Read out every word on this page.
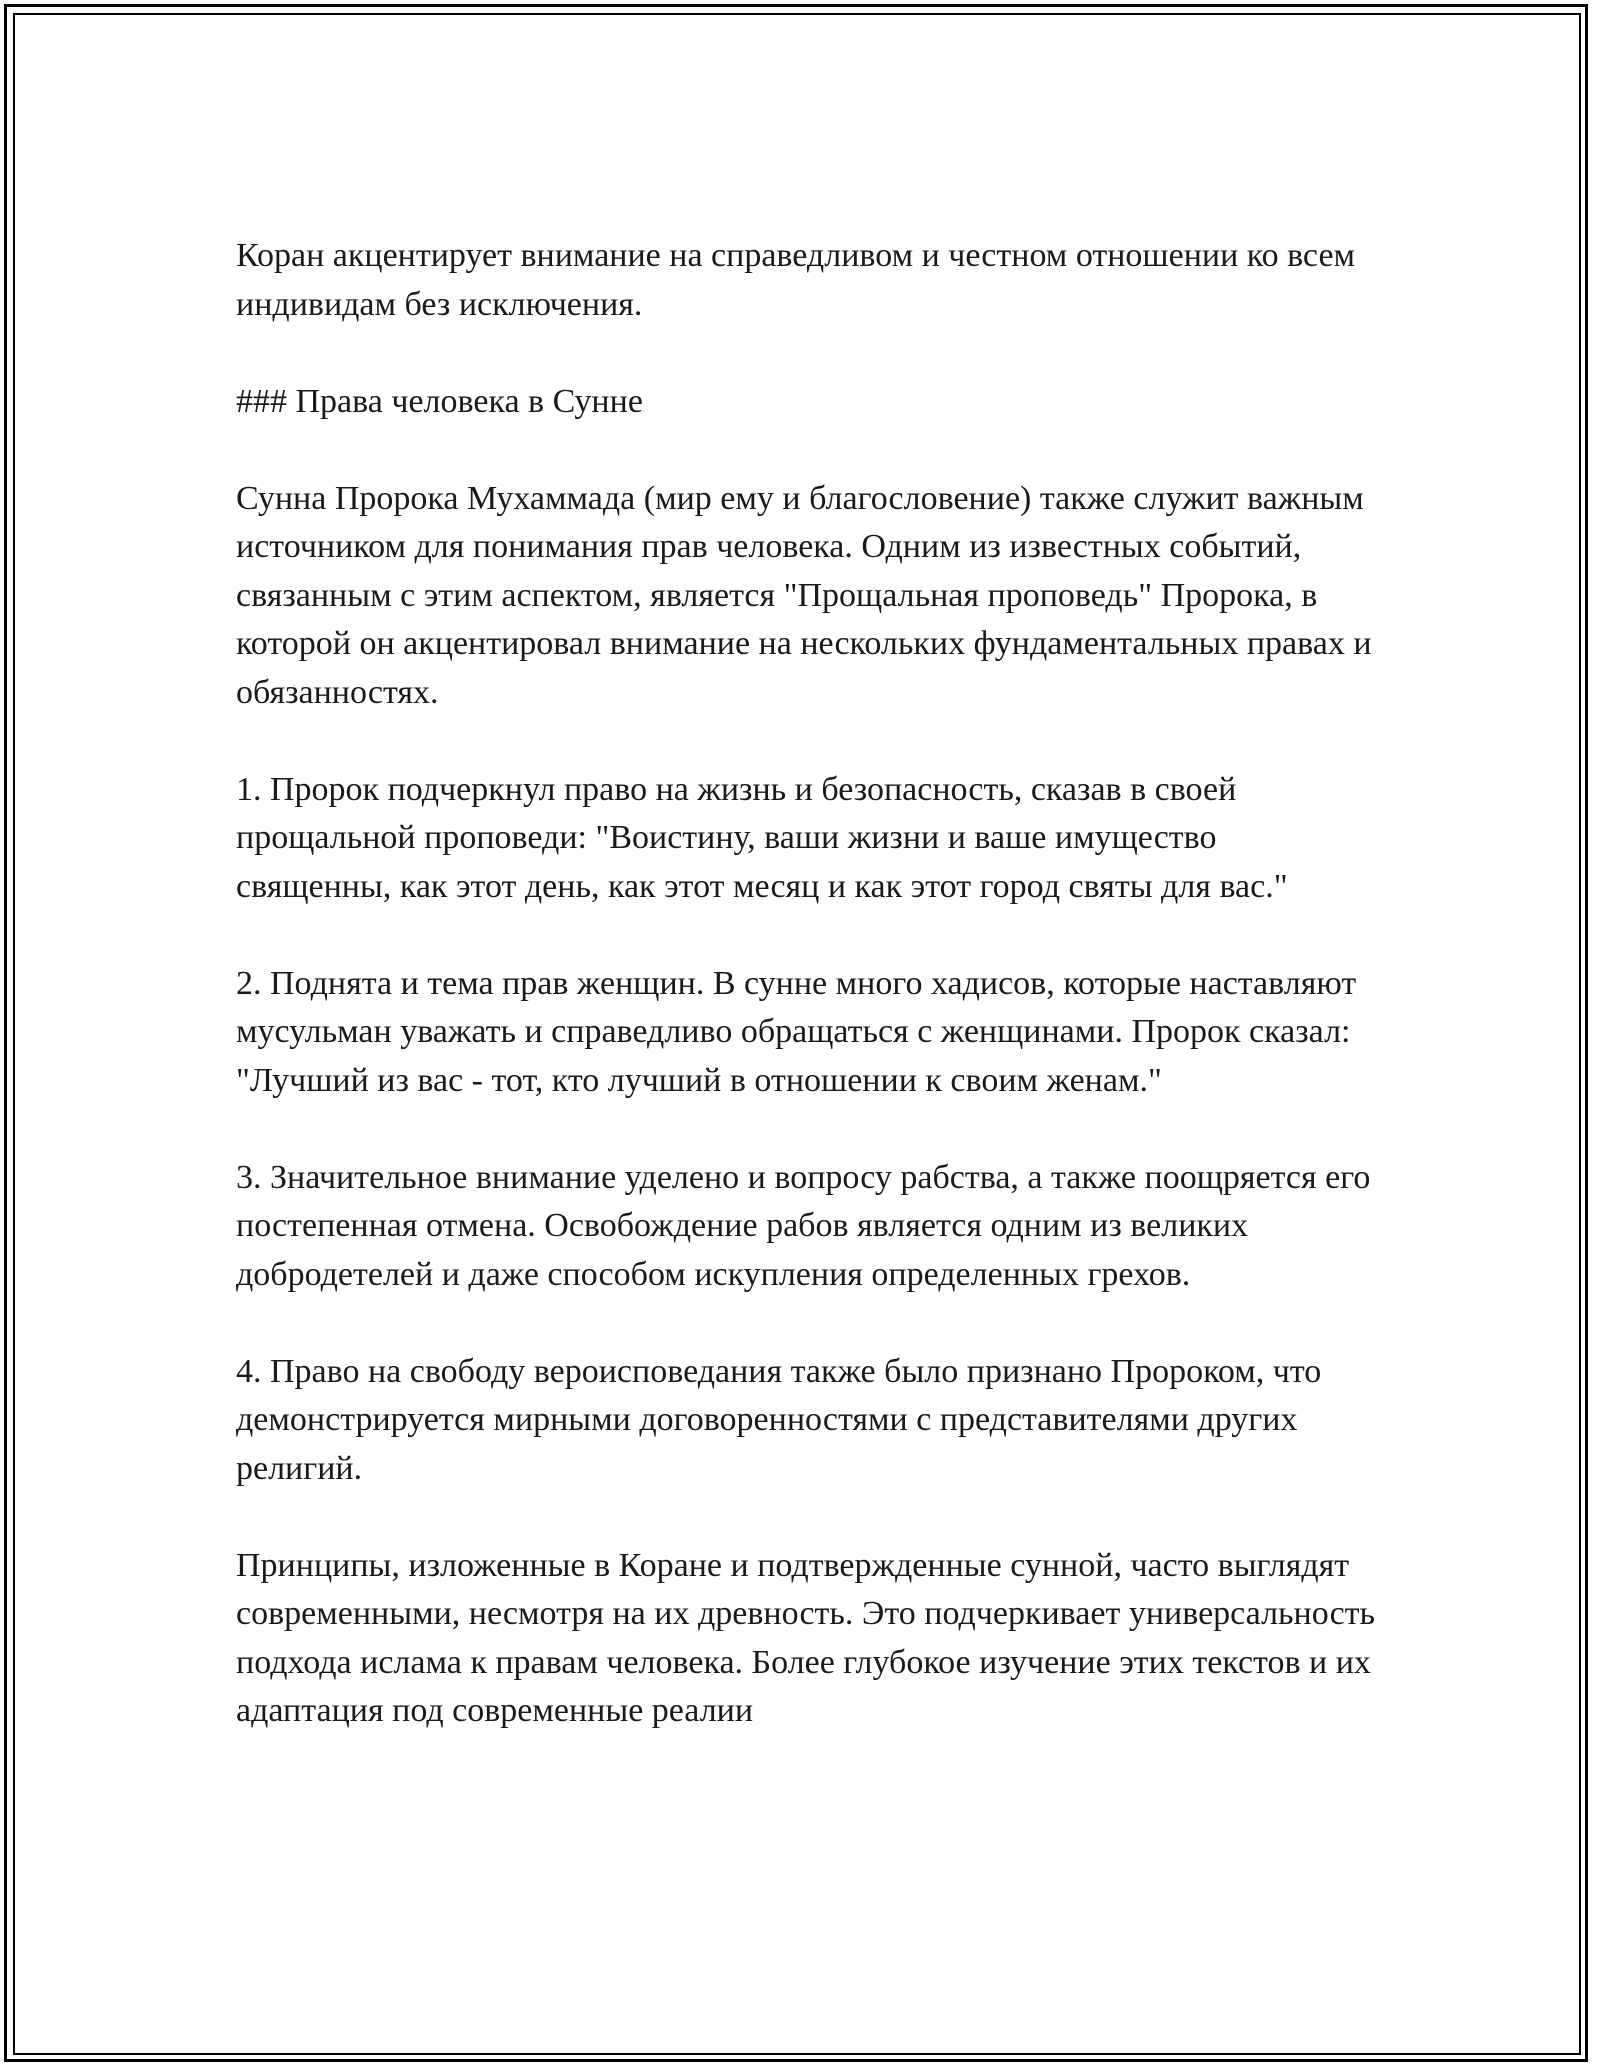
Коран акцентирует внимание на справедливом и честном отношении ко всем индивидам без исключения.

### Права человека в Сунне

Сунна Пророка Мухаммада (мир ему и благословение) также служит важным источником для понимания прав человека. Одним из известных событий, связанным с этим аспектом, является "Прощальная проповедь" Пророка, в которой он акцентировал внимание на нескольких фундаментальных правах и обязанностях.

1. Пророк подчеркнул право на жизнь и безопасность, сказав в своей прощальной проповеди: "Воистину, ваши жизни и ваше имущество священны, как этот день, как этот месяц и как этот город святы для вас."

2. Поднята и тема прав женщин. В сунне много хадисов, которые наставляют мусульман уважать и справедливо обращаться с женщинами. Пророк сказал: "Лучший из вас - тот, кто лучший в отношении к своим женам."

3. Значительное внимание уделено и вопросу рабства, а также поощряется его постепенная отмена. Освобождение рабов является одним из великих добродетелей и даже способом искупления определенных грехов.

4. Право на свободу вероисповедания также было признано Пророком, что демонстрируется мирными договоренностями с представителями других религий.

Принципы, изложенные в Коране и подтвержденные сунной, часто выглядят современными, несмотря на их древность. Это подчеркивает универсальность подхода ислама к правам человека. Более глубокое изучение этих текстов и их адаптация под современные реалии
